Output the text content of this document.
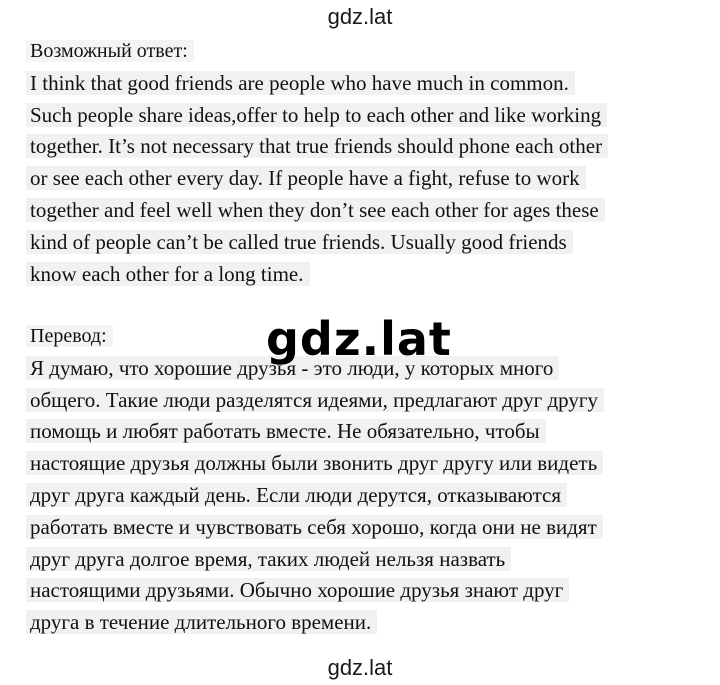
gdz.lat
Возможный ответ:
I think that good friends are people who have much in common.
Such people share ideas,offer to help to each other and like working
together. It’s not necessary that true friends should phone each other
or see each other every day. If people have a fight, refuse to work
together and feel well when they don’t see each other for ages these
kind of people can’t be called true friends. Usually good friends
know each other for a long time.
gdz.lat
Перевод:
Я думаю, что хорошие друзья - это люди, у которых много
общего. Такие люди разделятся идеями, предлагают друг другу
помощь и любят работать вместе. Не обязательно, чтобы
настоящие друзья должны были звонить друг другу или видеть
друг друга каждый день. Если люди дерутся, отказываются
работать вместе и чувствовать себя хорошо, когда они не видят
друг друга долгое время, таких людей нельзя назвать
настоящими друзьями. Обычно хорошие друзья знают друг
друга в течение длительного времени.
gdz.lat
